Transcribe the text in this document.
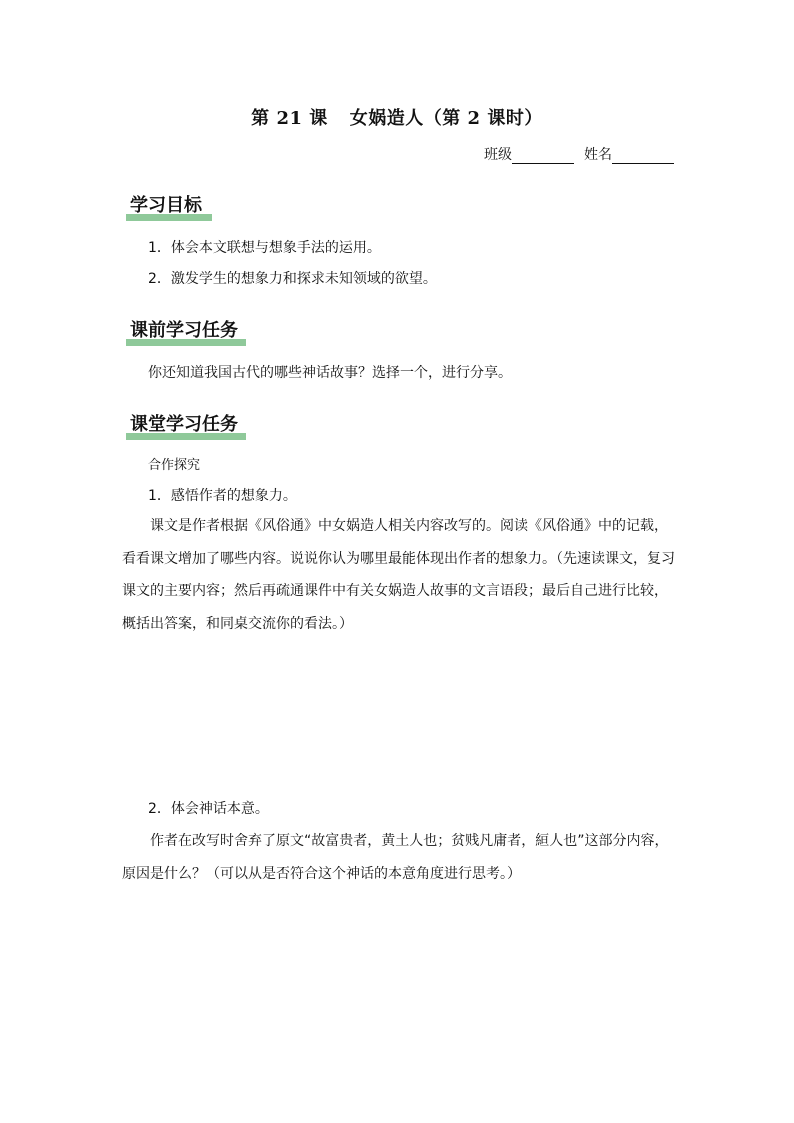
第 21 课 女娲造人（第 2 课时）
班级	姓名
学习目标
1．体会本文联想与想象手法的运用。
2．激发学生的想象力和探求未知领域的欲望。
课前学习任务
你还知道我国古代的哪些神话故事？选择一个，进行分享。
课堂学习任务
合作探究
1．感悟作者的想象力。
课文是作者根据《风俗通》中女娲造人相关内容改写的。阅读《风俗通》中的记载，看看课文增加了哪些内容。说说你认为哪里最能体现出作者的想象力。（先速读课文，复习课文的主要内容；然后再疏通课件中有关女娲造人故事的文言语段；最后自己进行比较，概括出答案，和同桌交流你的看法。）
2．体会神话本意。
作者在改写时舍弃了原文“故富贵者，黄土人也；贫贱凡庸者，絙人也”这部分内容，原因是什么？（可以从是否符合这个神话的本意角度进行思考。）
